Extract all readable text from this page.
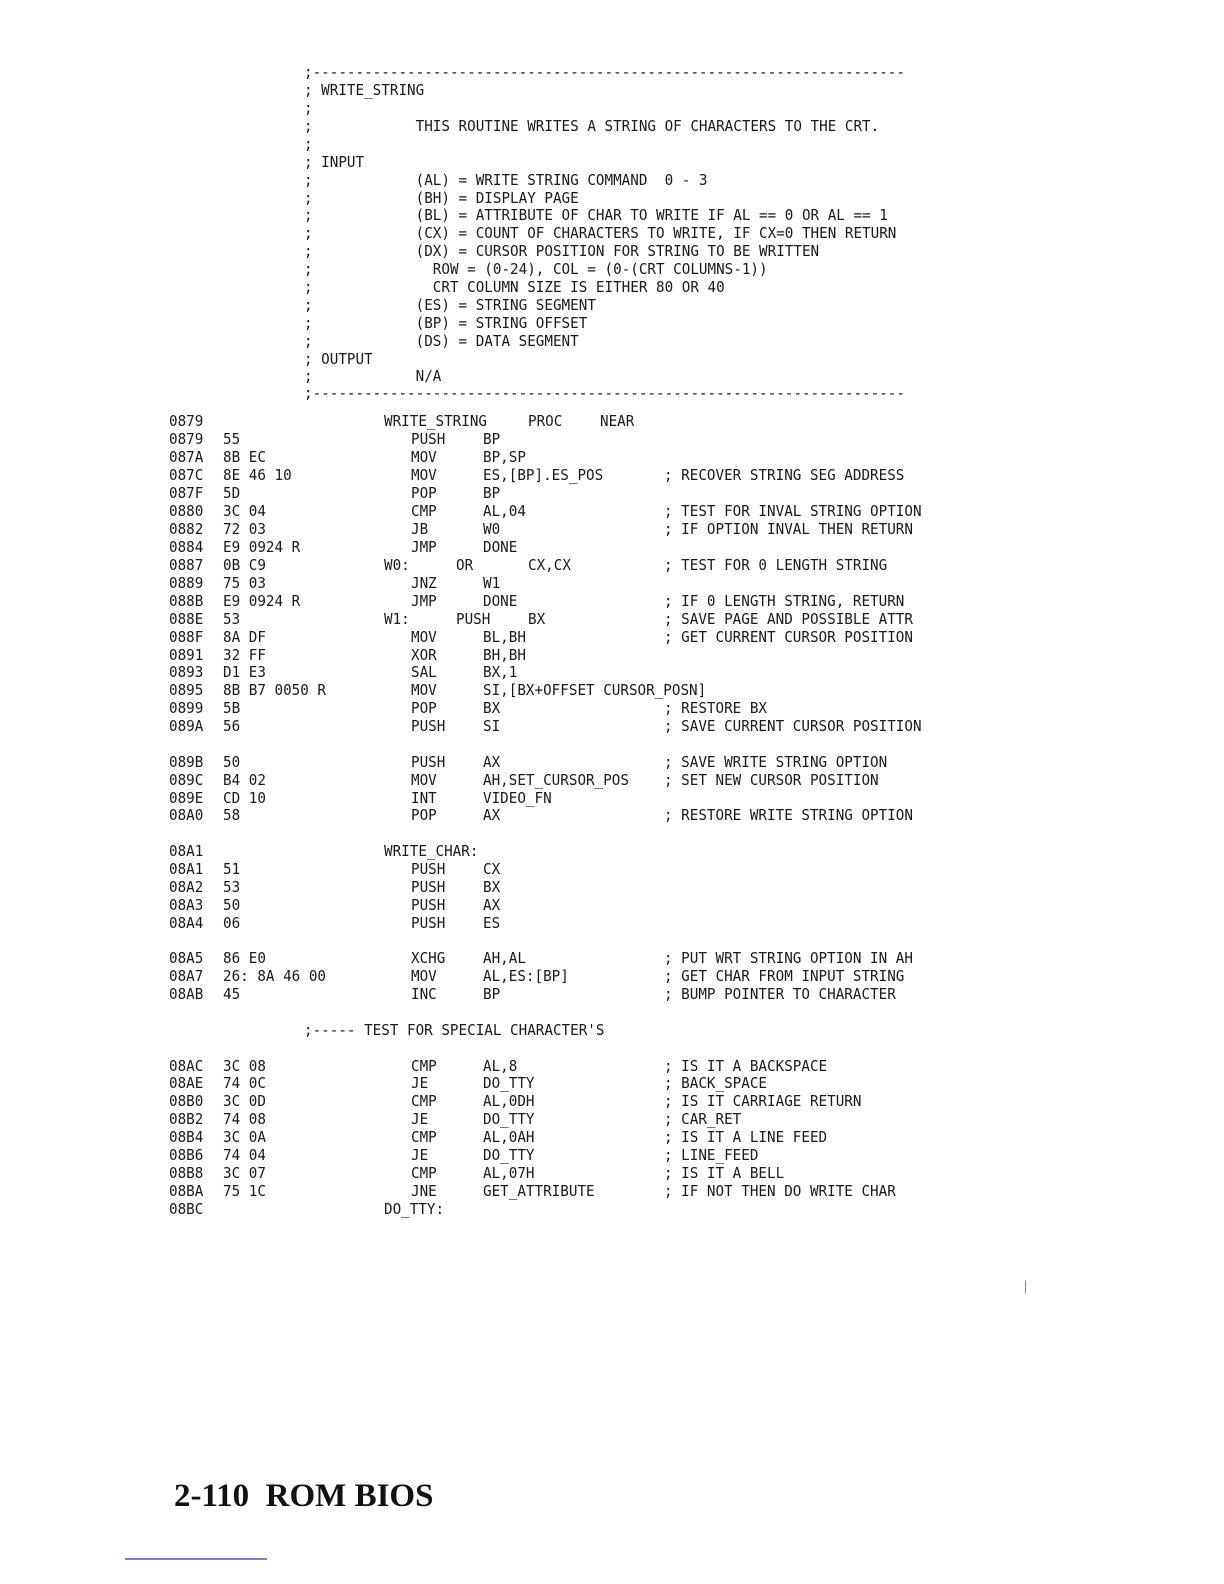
;---------------------------------------------------------------------
; WRITE_STRING
;
;            THIS ROUTINE WRITES A STRING OF CHARACTERS TO THE CRT.
;
; INPUT
;            (AL) = WRITE STRING COMMAND  0 - 3
;            (BH) = DISPLAY PAGE
;            (BL) = ATTRIBUTE OF CHAR TO WRITE IF AL == 0 OR AL == 1
;            (CX) = COUNT OF CHARACTERS TO WRITE, IF CX=0 THEN RETURN
;            (DX) = CURSOR POSITION FOR STRING TO BE WRITTEN
;              ROW = (0-24), COL = (0-(CRT COLUMNS-1))
;              CRT COLUMN SIZE IS EITHER 80 OR 40
;            (ES) = STRING SEGMENT
;            (BP) = STRING OFFSET
;            (DS) = DATA SEGMENT
; OUTPUT
;            N/A
;---------------------------------------------------------------------
0879	WRITE_STRING	PROC NEAR
0879 55	PUSH BP
087A 8B EC	MOV	BP,SP
087C 8E 46 10	MOV	ES,[BP].ES_POS	; RECOVER STRING SEG ADDRESS
087F 5D	POP	BP
0880 3C 04	CMP	AL,04	; TEST FOR INVAL STRING OPTION
0882 72 03	JB	W0	; IF OPTION INVAL THEN RETURN
0884 E9 0924 R	JMP	DONE
0887 0B C9	W0:	OR	CX,CX	; TEST FOR 0 LENGTH STRING
0889 75 03	JNZ	W1
088B E9 0924 R	JMP	DONE	; IF 0 LENGTH STRING, RETURN
088E 53	W1:	PUSH BX	; SAVE PAGE AND POSSIBLE ATTR
088F 8A DF	MOV	BL,BH	; GET CURRENT CURSOR POSITION
0891 32 FF	XOR	BH,BH
0893 D1 E3	SAL	BX,1
0895 8B B7 0050 R	MOV	SI,[BX+OFFSET CURSOR_POSN]
0899 5B	POP	BX	; RESTORE BX
089A 56	PUSH SI	; SAVE CURRENT CURSOR POSITION
089B 50	PUSH AX	; SAVE WRITE STRING OPTION
089C B4 02	MOV	AH,SET_CURSOR_POS ; SET NEW CURSOR POSITION
089E CD 10	INT	VIDEO_FN
08A0 58	POP	AX	; RESTORE WRITE STRING OPTION
08A1	WRITE_CHAR:
08A1 51	PUSH CX
08A2 53	PUSH BX
08A3 50	PUSH AX
08A4 06	PUSH ES
08A5 86 E0	XCHG AH,AL	; PUT WRT STRING OPTION IN AH
08A7 26: 8A 46 00	MOV	AL,ES:[BP]	; GET CHAR FROM INPUT STRING
08AB 45	INC	BP	; BUMP POINTER TO CHARACTER
;----- TEST FOR SPECIAL CHARACTER'S
08AC 3C 08	CMP	AL,8	; IS IT A BACKSPACE
08AE 74 0C	JE	DO_TTY	; BACK_SPACE
08B0 3C 0D	CMP	AL,0DH	; IS IT CARRIAGE RETURN
08B2 74 08	JE	DO_TTY	; CAR_RET
08B4 3C 0A	CMP	AL,0AH	; IS IT A LINE FEED
08B6 74 04	JE	DO_TTY	; LINE_FEED
08B8 3C 07	CMP	AL,07H	; IS IT A BELL
08BA 75 1C	JNE	GET_ATTRIBUTE	; IF NOT THEN DO WRITE CHAR
08BC	DO_TTY:
2-110  ROM BIOS
